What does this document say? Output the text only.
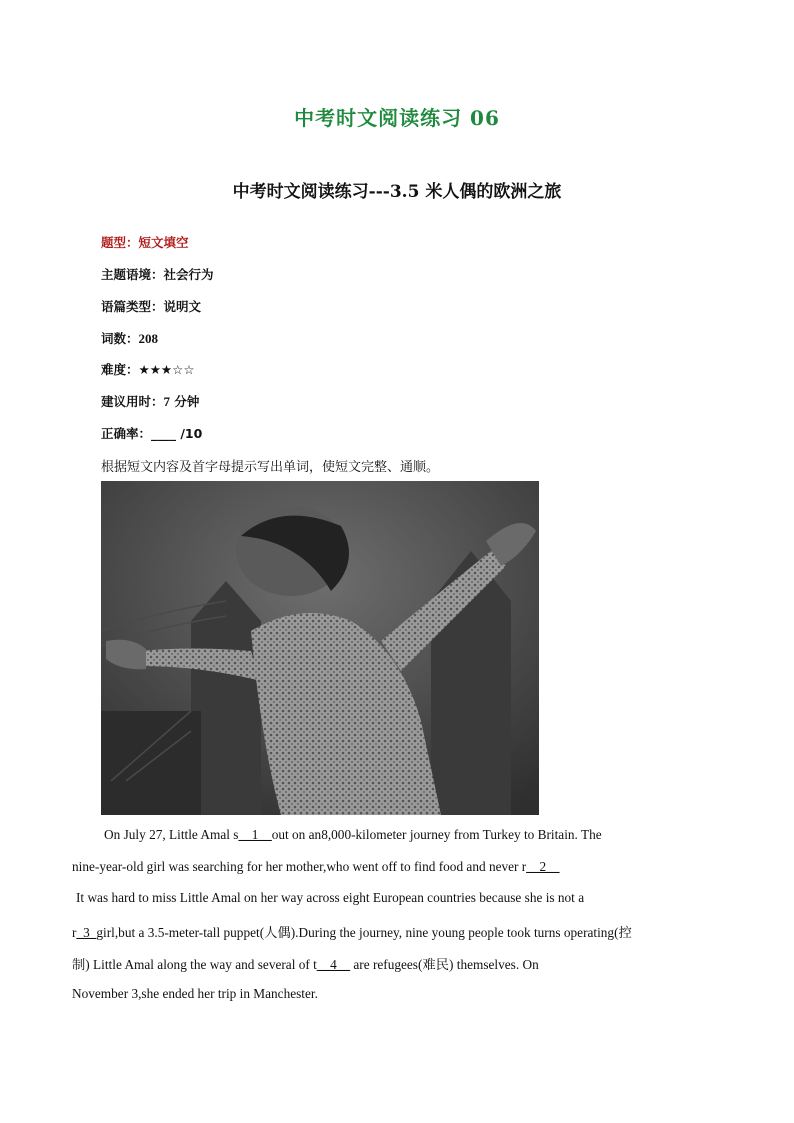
中考时文阅读练习 06
中考时文阅读练习---3.5 米人偶的欧洲之旅
题型：短文填空
主题语境：社会行为
语篇类型：说明文
词数：208
难度：★★★☆☆
建议用时：7 分钟
正确率：____ /10
根据短文内容及首字母提示写出单词，使短文完整、通顺。
On July 27, Little Amal s__1__out on an8,000-kilometer journey from Turkey to Britain. The
nine-year-old girl was searching for her mother,who went off to find food and never r__2__
It was hard to miss Little Amal on her way across eight European countries because she is not a
r_3_girl,but a 3.5-meter-tall puppet(人偶).During the journey, nine young people took turns operating(控
制) Little Amal along the way and several of t__4__ are refugees(难民) themselves. On
November 3,she ended her trip in Manchester.
